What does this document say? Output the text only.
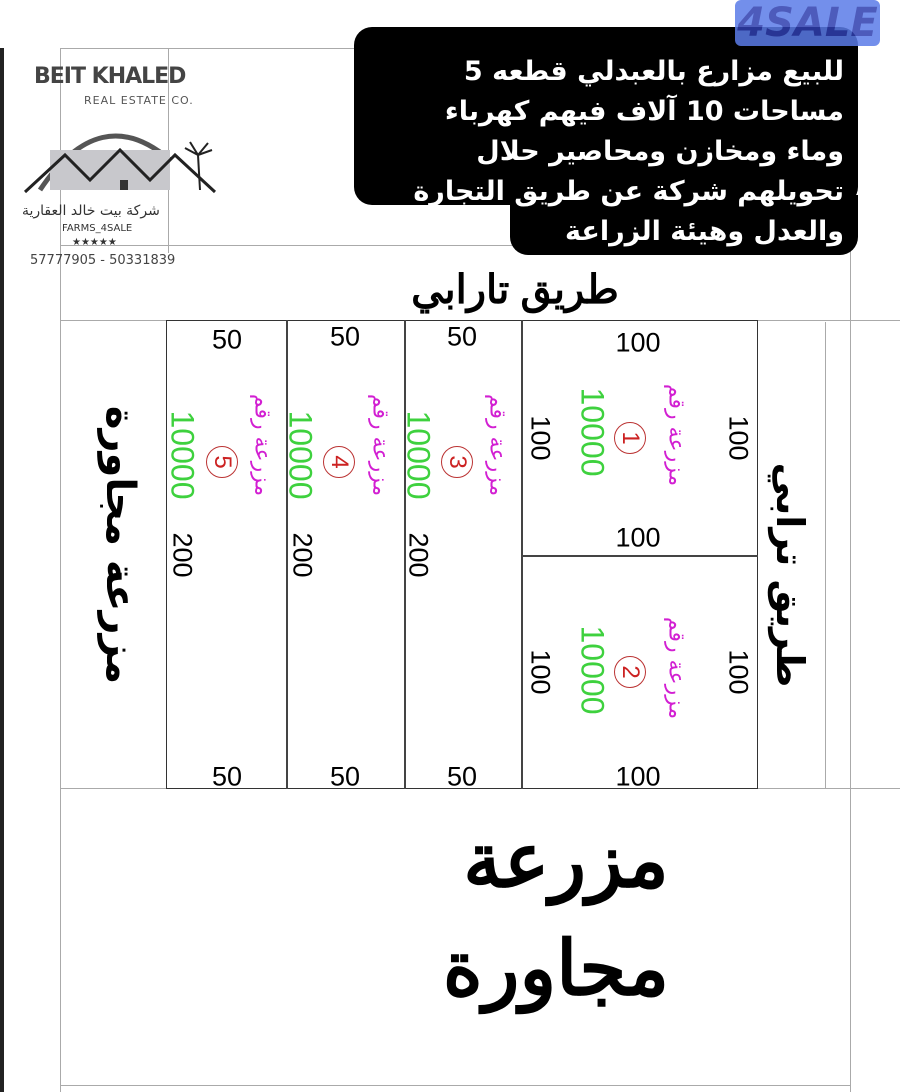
BEIT KHALED
REAL ESTATE CO.
شركة بيت خالد العقارية
FARMS_4SALE
★★★★★
57777905 - 50331839
4SALE
للبيع مزارع بالعبدلي قطعه 5
مساحات 10 آلاف فيهم كهرباء
وماء ومخازن ومحاصير حلال
تحويلهم شركة عن طريق التجارة
والعدل وهيئة الزراعة
طريق تارابي
طريق ترابي
مزرعة مجاورة
مزرعة
مجاورة
100
100
100	100
10000 1 مزرعة رقم
100
100	100
10000 2 مزرعة رقم
50
50
200
10000 3 مزرعة رقم
50
50
200
10000 4 مزرعة رقم
50
50
200
10000 5 مزرعة رقم
